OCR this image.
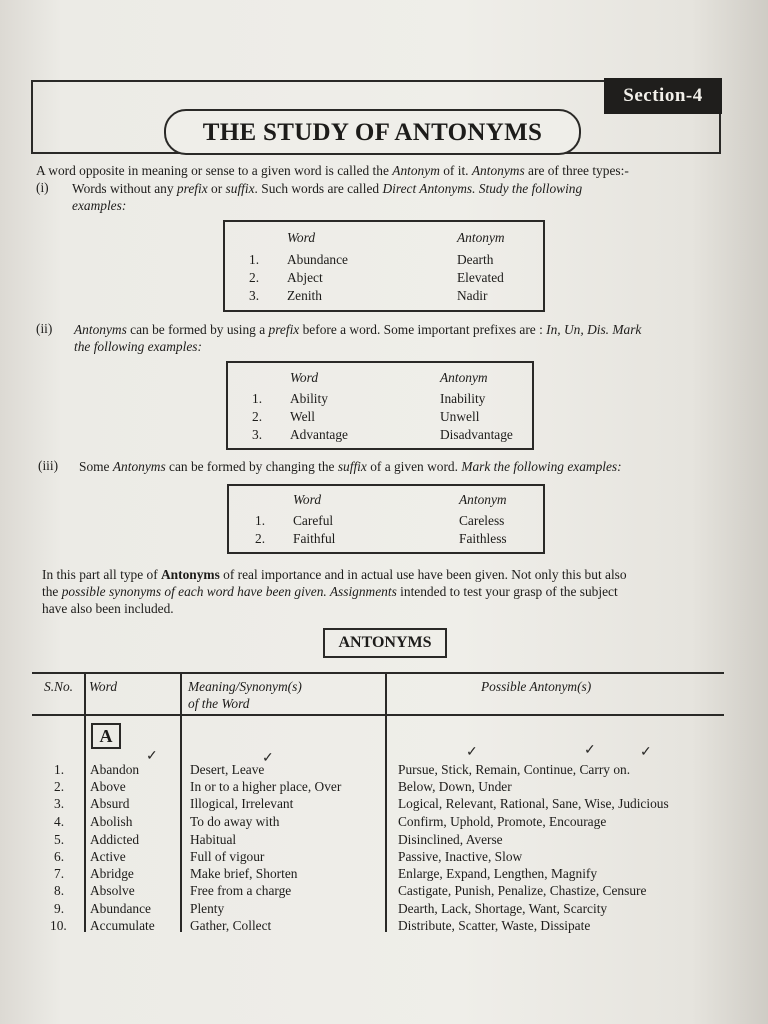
Section-4
THE STUDY OF ANTONYMS
A word opposite in meaning or sense to a given word is called the Antonym of it. Antonyms are of three types:-
(i) Words without any prefix or suffix. Such words are called Direct Antonyms. Study the following
examples:
Word	Antonym
1. Abundance	Dearth
2. Abject	Elevated
3. Zenith	Nadir
(ii) Antonyms can be formed by using a prefix before a word. Some important prefixes are : In, Un, Dis. Mark
the following examples:
Word	Antonym
1. Ability	Inability
2. Well	Unwell
3. Advantage	Disadvantage
(iii) Some Antonyms can be formed by changing the suffix of a given word. Mark the following examples:
Word	Antonym
1. Careful	Careless
2. Faithful	Faithless
In this part all type of Antonyms of real importance and in actual use have been given. Not only this but also
the possible synonyms of each word have been given. Assignments intended to test your grasp of the subject
have also been included.
ANTONYMS
S.No. Word	Meaning/Synonym(s)
of the Word
Possible Antonym(s)
A
✓	✓	✓	✓	✓
1. Abandon	Desert, Leave	Pursue, Stick, Remain, Continue, Carry on.
2. Above	In or to a higher place, Over	Below, Down, Under
3. Absurd	Illogical, Irrelevant	Logical, Relevant, Rational, Sane, Wise, Judicious
4. Abolish	To do away with	Confirm, Uphold, Promote, Encourage
5. Addicted	Habitual	Disinclined, Averse
6. Active	Full of vigour	Passive, Inactive, Slow
7. Abridge	Make brief, Shorten	Enlarge, Expand, Lengthen, Magnify
8. Absolve	Free from a charge	Castigate, Punish, Penalize, Chastize, Censure
9. Abundance	Plenty	Dearth, Lack, Shortage, Want, Scarcity
10. Accumulate	Gather, Collect	Distribute, Scatter, Waste, Dissipate
